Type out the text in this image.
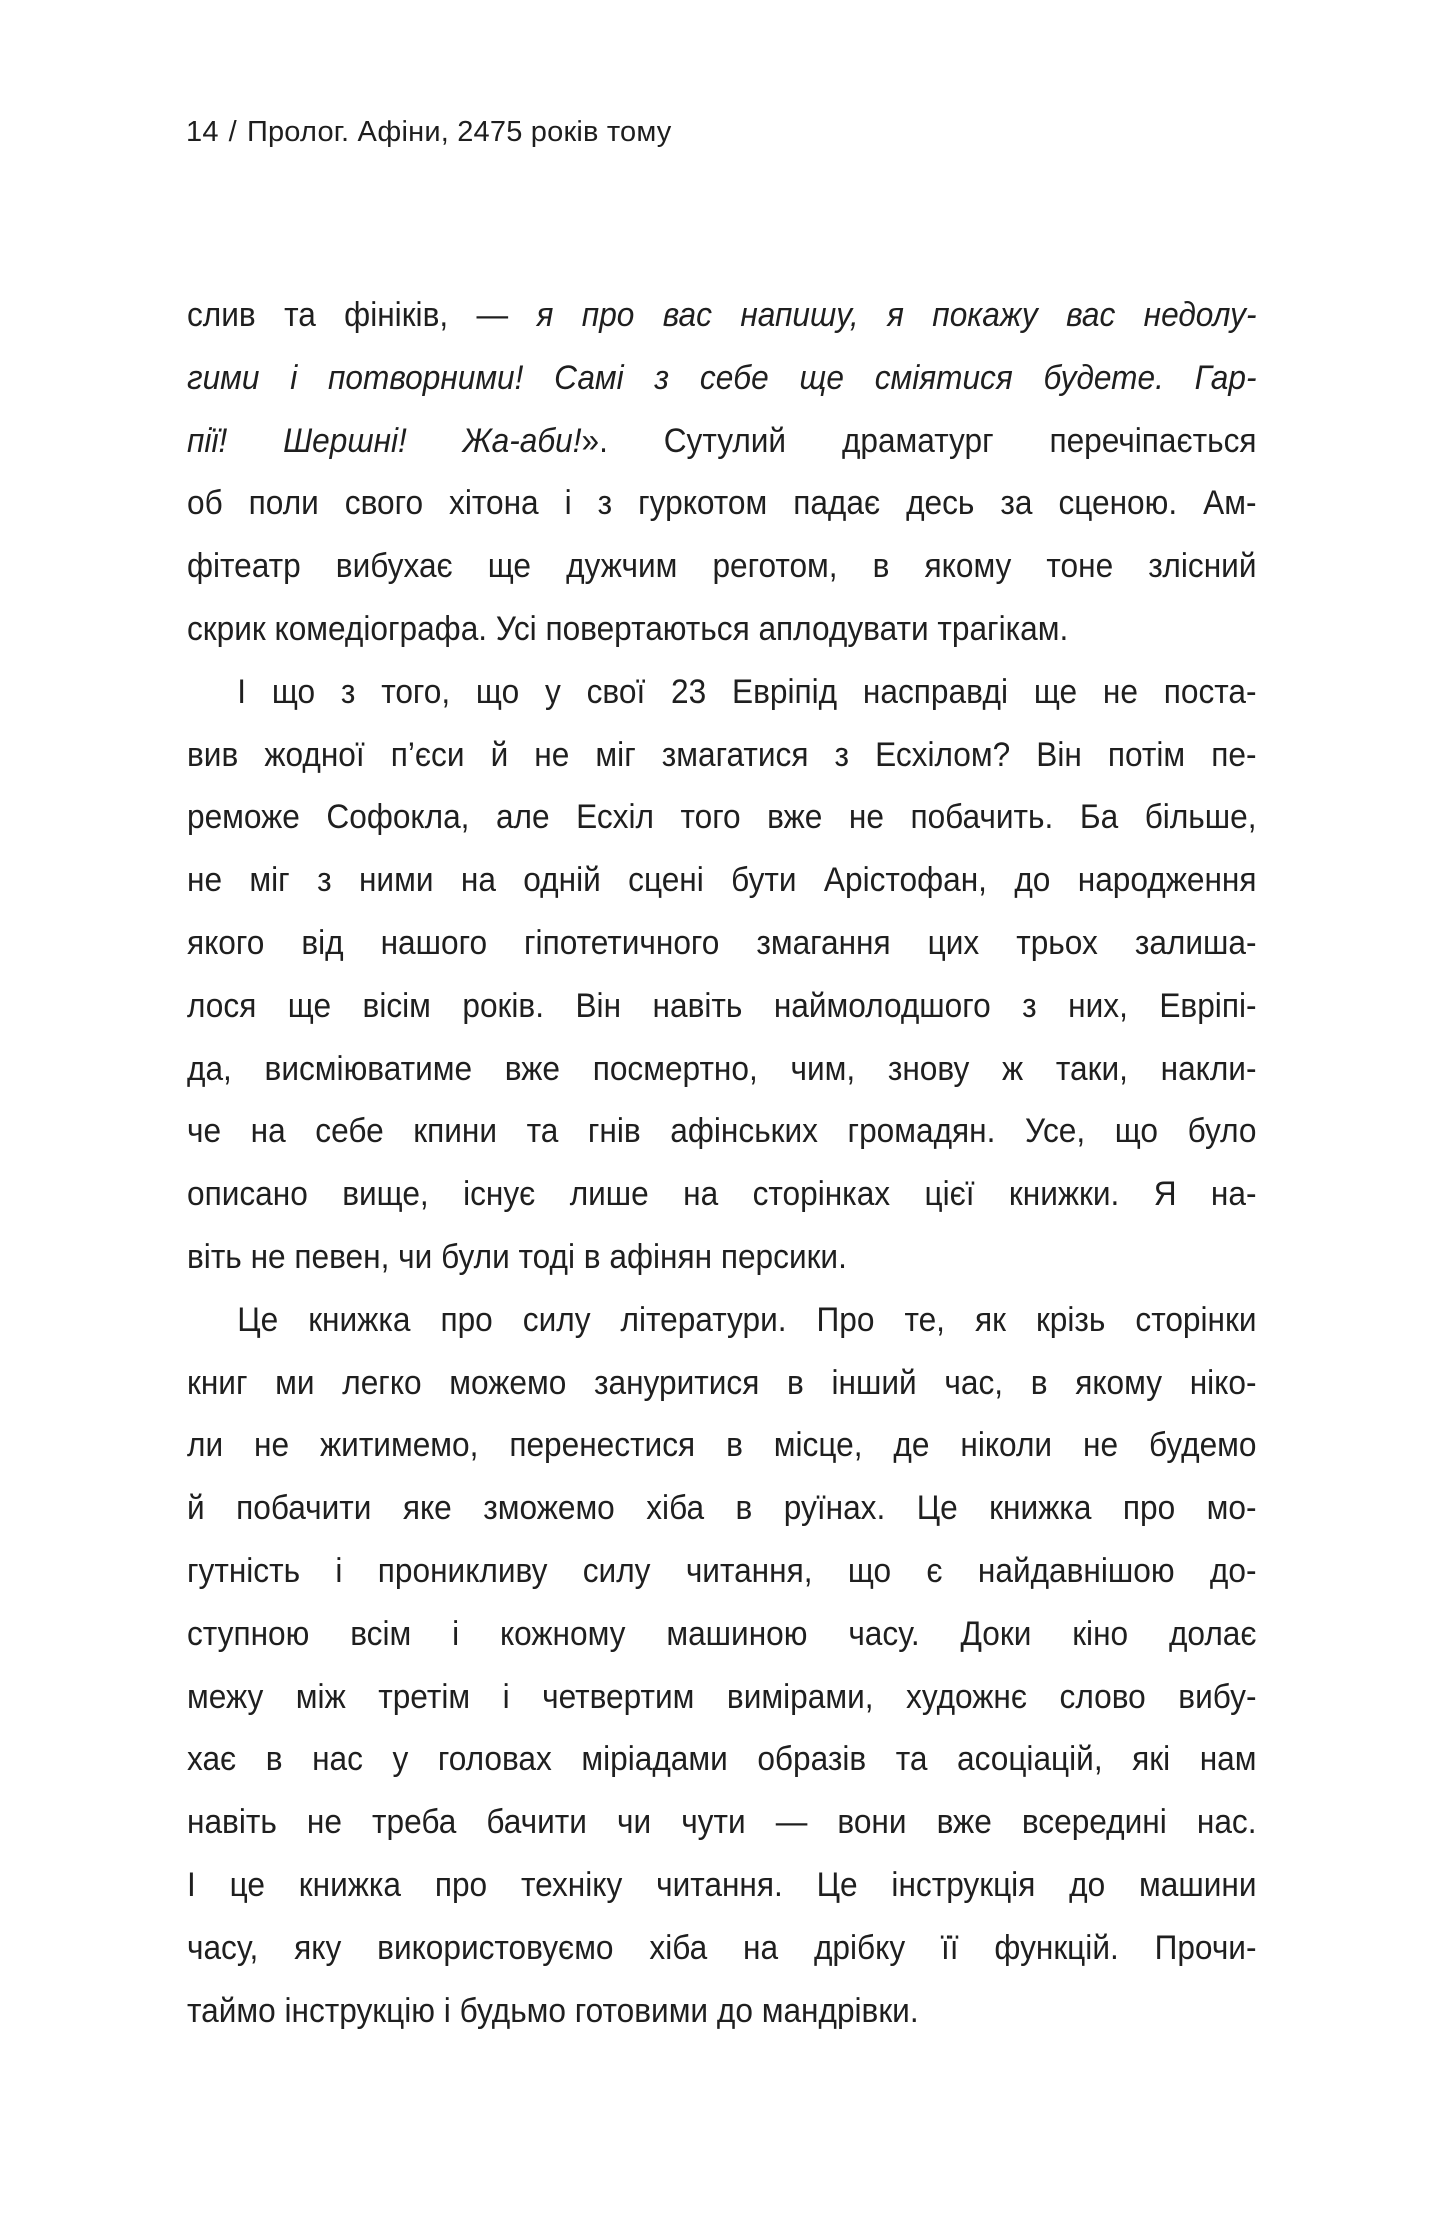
14 / Пролог. Афіни, 2475 років тому
слив та фініків, — я про вас напишу, я покажу вас недолу-
гими і потворними! Самі з себе ще сміятися будете. Гар-
пії! Шершні! Жа-аби!». Сутулий драматург перечіпається
об поли свого хітона і з гуркотом падає десь за сценою. Ам-
фітеатр вибухає ще дужчим реготом, в якому тоне злісний
скрик комедіографа. Усі повертаються аплодувати трагікам.
І що з того, що у свої 23 Евріпід насправді ще не поста-
вив жодної п’єси й не міг змагатися з Есхілом? Він потім пе-
реможе Софокла, але Есхіл того вже не побачить. Ба більше,
не міг з ними на одній сцені бути Арістофан, до народження
якого від нашого гіпотетичного змагання цих трьох залиша-
лося ще вісім років. Він навіть наймолодшого з них, Евріпі-
да, висміюватиме вже посмертно, чим, знову ж таки, накли-
че на себе кпини та гнів афінських громадян. Усе, що було
описано вище, існує лише на сторінках цієї книжки. Я на-
віть не певен, чи були тоді в афінян персики.
Це книжка про силу літератури. Про те, як крізь сторінки
книг ми легко можемо зануритися в інший час, в якому ніко-
ли не житимемо, перенестися в місце, де ніколи не будемо
й побачити яке зможемо хіба в руїнах. Це книжка про мо-
гутність і проникливу силу читання, що є найдавнішою до-
ступною всім і кожному машиною часу. Доки кіно долає
межу між третім і четвертим вимірами, художнє слово вибу-
хає в нас у головах міріадами образів та асоціацій, які нам
навіть не треба бачити чи чути — вони вже всередині нас.
І це книжка про техніку читання. Це інструкція до машини
часу, яку використовуємо хіба на дрібку її функцій. Прочи-
таймо інструкцію і будьмо готовими до мандрівки.
